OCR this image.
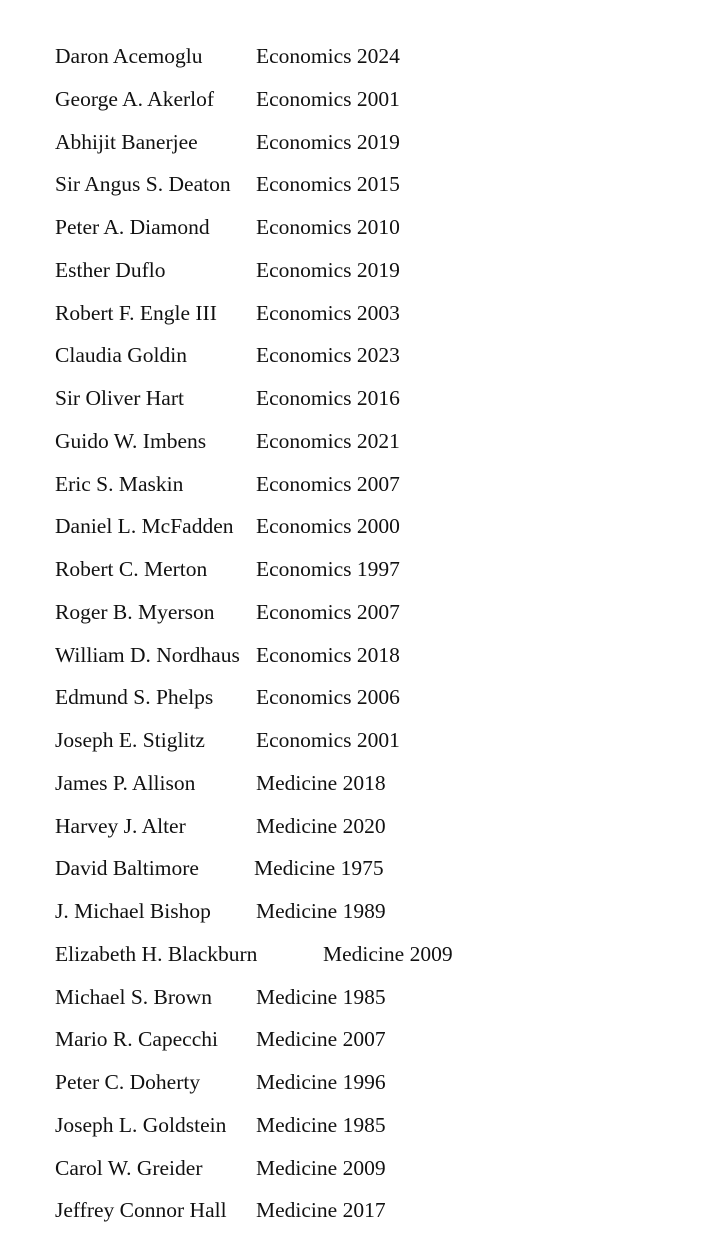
Daron Acemoglu Economics 2024
George A. Akerlof Economics 2001
Abhijit Banerjee	Economics 2019
Sir Angus S. Deaton Economics 2015
Peter A. Diamond Economics 2010
Esther Duflo	Economics 2019
Robert F. Engle III Economics 2003
Claudia Goldin	Economics 2023
Sir Oliver Hart	Economics 2016
Guido W. Imbens Economics 2021
Eric S. Maskin	Economics 2007
Daniel L. McFadden Economics 2000
Robert C. Merton Economics 1997
Roger B. Myerson Economics 2007
William D. Nordhaus Economics 2018
Edmund S. Phelps Economics 2006
Joseph E. Stiglitz Economics 2001
James P. Allison	Medicine 2018
Harvey J. Alter	Medicine 2020
David Baltimore	Medicine 1975
J. Michael Bishop Medicine 1989
Elizabeth H. Blackburn	Medicine 2009
Michael S. Brown Medicine 1985
Mario R. Capecchi Medicine 2007
Peter C. Doherty	Medicine 1996
Joseph L. Goldstein Medicine 1985
Carol W. Greider Medicine 2009
Jeffrey Connor Hall Medicine 2017
